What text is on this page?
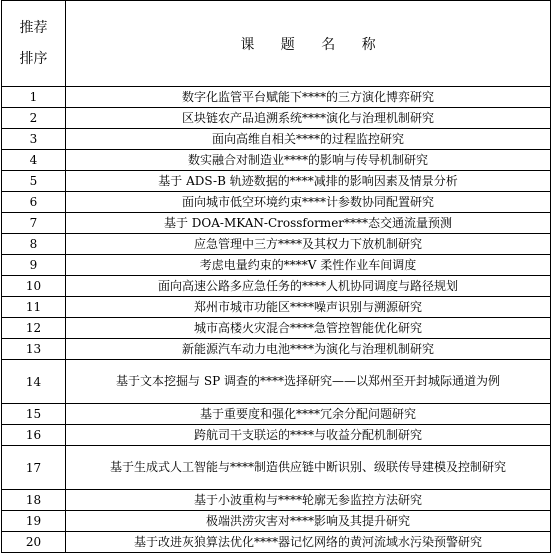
推荐
排序	课 题 名 称
1	数字化监管平台赋能下****的三方演化博弈研究
2	区块链农产品追溯系统****演化与治理机制研究
3	面向高维自相关****的过程监控研究
4	数实融合对制造业****的影响与传导机制研究
5	基于 ADS-B 轨迹数据的****减排的影响因素及情景分析
6	面向城市低空环境约束****计参数协同配置研究
7	基于 DOA-MKAN-Crossformer****态交通流量预测
8	应急管理中三方****及其权力下放机制研究
9	考虑电量约束的****V 柔性作业车间调度
10	面向高速公路多应急任务的****人机协同调度与路径规划
11	郑州市城市功能区****噪声识别与溯源研究
12	城市高楼火灾混合****急管控智能优化研究
13	新能源汽车动力电池****为演化与治理机制研究
14	基于文本挖掘与 SP 调查的****选择研究——以郑州至开封城际通道为例
15	基于重要度和强化****冗余分配问题研究
16	跨航司干支联运的****与收益分配机制研究
17	基于生成式人工智能与****制造供应链中断识别、级联传导建模及控制研究
18	基于小波重构与****轮廓无参监控方法研究
19	极端洪涝灾害对****影响及其提升研究
20	基于改进灰狼算法优化****器记忆网络的黄河流域水污染预警研究
